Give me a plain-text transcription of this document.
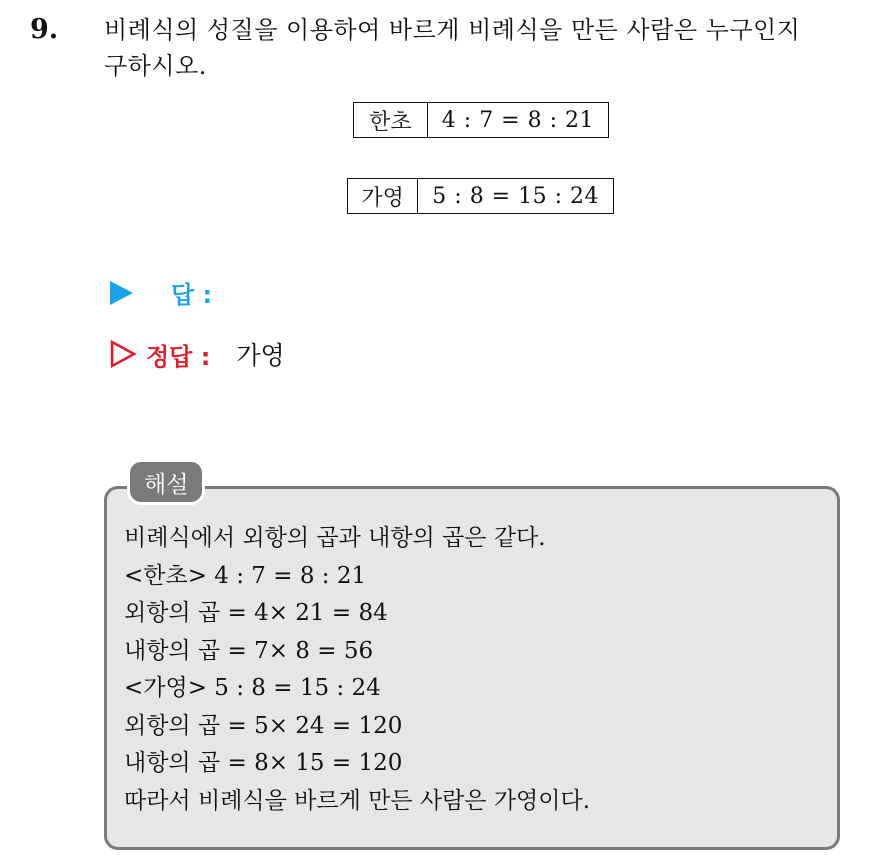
9. 비례식의 성질을 이용하여 바르게 비례식을 만든 사람은 누구인지
구하시오.
한초	4 : 7 = 8 : 21
가영	5 : 8 = 15 : 24
답 :
정답 : 가영
해설
비례식에서 외항의 곱과 내항의 곱은 같다.
<한초> 4 : 7 = 8 : 21
외항의 곱 = 4× 21 = 84
내항의 곱 = 7× 8 = 56
<가영> 5 : 8 = 15 : 24
외항의 곱 = 5× 24 = 120
내항의 곱 = 8× 15 = 120
따라서 비례식을 바르게 만든 사람은 가영이다.
